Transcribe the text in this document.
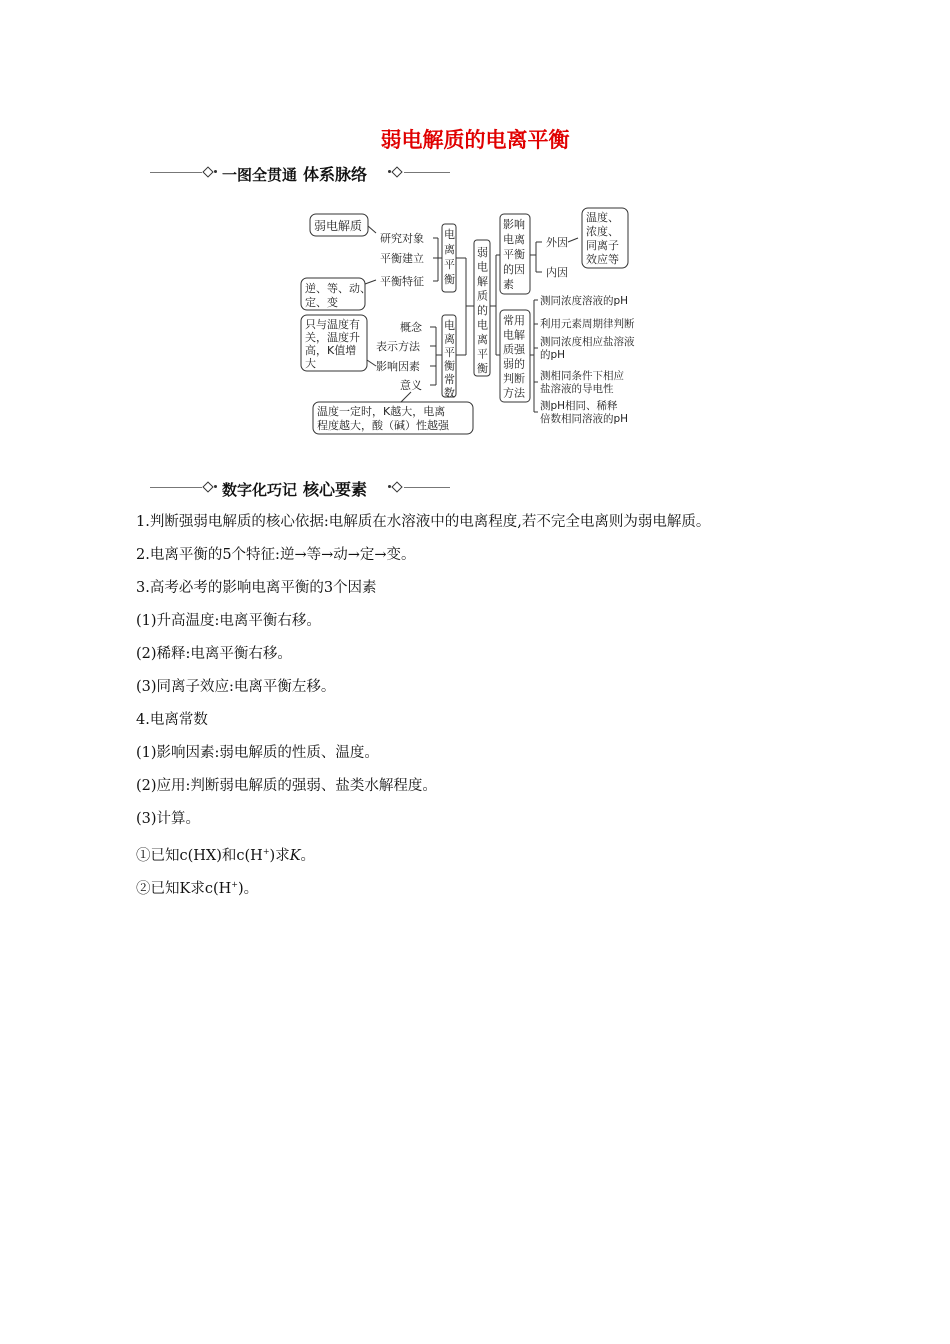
弱电解质的电离平衡
一图全贯通 体系脉络
弱电解质
研究对象
平衡建立
平衡特征
逆、等、动、
定、变
电
离
平
衡
概念
表示方法
影响因素
意义
只与温度有
关，温度升
高，K值增
大
电
离
平
衡
常
数
温度一定时，K越大，电离
程度越大，酸（碱）性越强
弱
电
解
质
的
电
离
平
衡
影响
电离
平衡
的因
素
外因
内因
温度、
浓度、
同离子
效应等
常用
电解
质强
弱的
判断
方法
测同浓度溶液的pH
利用元素周期律判断
测同浓度相应盐溶液
的pH
测相同条件下相应
盐溶液的导电性
测pH相同、稀释
倍数相同溶液的pH
数字化巧记 核心要素

1.判断强弱电解质的核心依据:电解质在水溶液中的电离程度,若不完全电离则为弱电解质。

2.电离平衡的5个特征:逆→等→动→定→变。

3.高考必考的影响电离平衡的3个因素

(1)升高温度:电离平衡右移。

(2)稀释:电离平衡右移。

(3)同离子效应:电离平衡左移。

4.电离常数

(1)影响因素:弱电解质的性质、温度。

(2)应用:判断弱电解质的强弱、盐类水解程度。

(3)计算。

①已知c(HX)和c(H+)求K。

②已知K求c(H+)。
